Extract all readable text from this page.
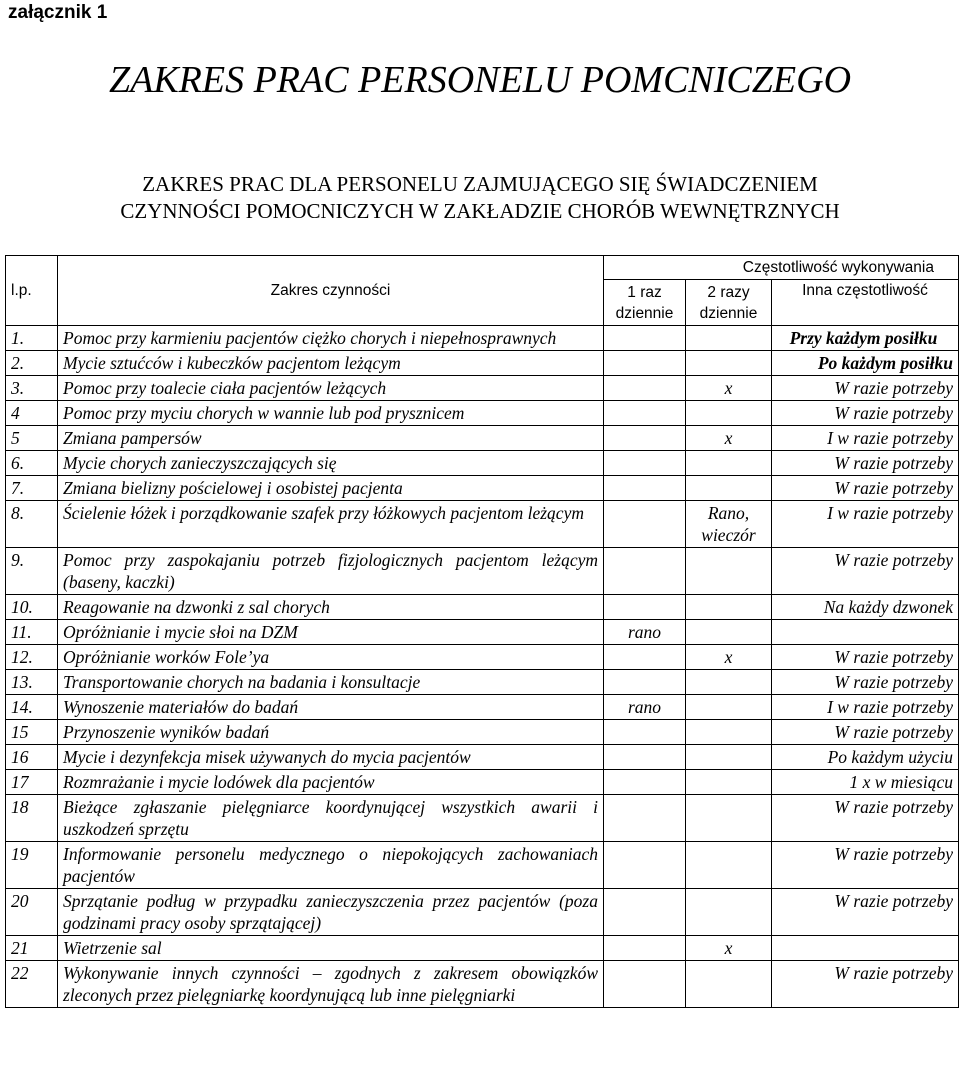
załącznik 1
ZAKRES PRAC PERSONELU POMCNICZEGO
ZAKRES PRAC DLA PERSONELU ZAJMUJĄCEGO SIĘ ŚWIADCZENIEM
CZYNNOŚCI POMOCNICZYCH W ZAKŁADZIE CHORÓB WEWNĘTRZNYCH
l.p.	Zakres czynności	Częstotliwość wykonywania		
		1 raz dziennie	2 razy dziennie	Inna częstotliwość
1.	Pomoc przy karmieniu pacjentów ciężko chorych i niepełnosprawnych			Przy każdym posiłku
2.	Mycie sztućców i kubeczków pacjentom leżącym			Po każdym posiłku
3.	Pomoc przy toalecie ciała pacjentów leżących		x	W razie potrzeby
4	Pomoc przy myciu chorych w wannie lub pod prysznicem			W razie potrzeby
5	Zmiana pampersów		x	I w razie potrzeby
6.	Mycie chorych zanieczyszczających się			W razie potrzeby
7.	Zmiana bielizny pościelowej i osobistej pacjenta			W razie potrzeby
8.	Ścielenie łóżek i porządkowanie szafek przy łóżkowych pacjentom leżącym		Rano, wieczór	I w razie potrzeby
9.	Pomoc przy zaspokajaniu potrzeb fizjologicznych pacjentom leżącym (baseny, kaczki)			W razie potrzeby
10.	Reagowanie na dzwonki z sal chorych			Na każdy dzwonek
11.	Opróżnianie i mycie słoi na DZM	rano		
12.	Opróżnianie worków Fole’ya		x	W razie potrzeby
13.	Transportowanie chorych na badania i konsultacje			W razie potrzeby
14.	Wynoszenie materiałów do badań	rano		I w razie potrzeby
15	Przynoszenie wyników badań			W razie potrzeby
16	Mycie i dezynfekcja misek używanych do mycia pacjentów			Po każdym użyciu
17	Rozmrażanie i mycie lodówek dla pacjentów			1 x w miesiącu
18	Bieżące zgłaszanie pielęgniarce koordynującej wszystkich awarii i uszkodzeń sprzętu			W razie potrzeby
19	Informowanie personelu medycznego o niepokojących zachowaniach pacjentów			W razie potrzeby
20	Sprzątanie podług w przypadku zanieczyszczenia przez pacjentów (poza godzinami pracy osoby sprzątającej)			W razie potrzeby
21	Wietrzenie sal		x	
22	Wykonywanie innych czynności – zgodnych z zakresem obowiązków zleconych przez pielęgniarkę koordynującą lub inne pielęgniarki			W razie potrzeby
